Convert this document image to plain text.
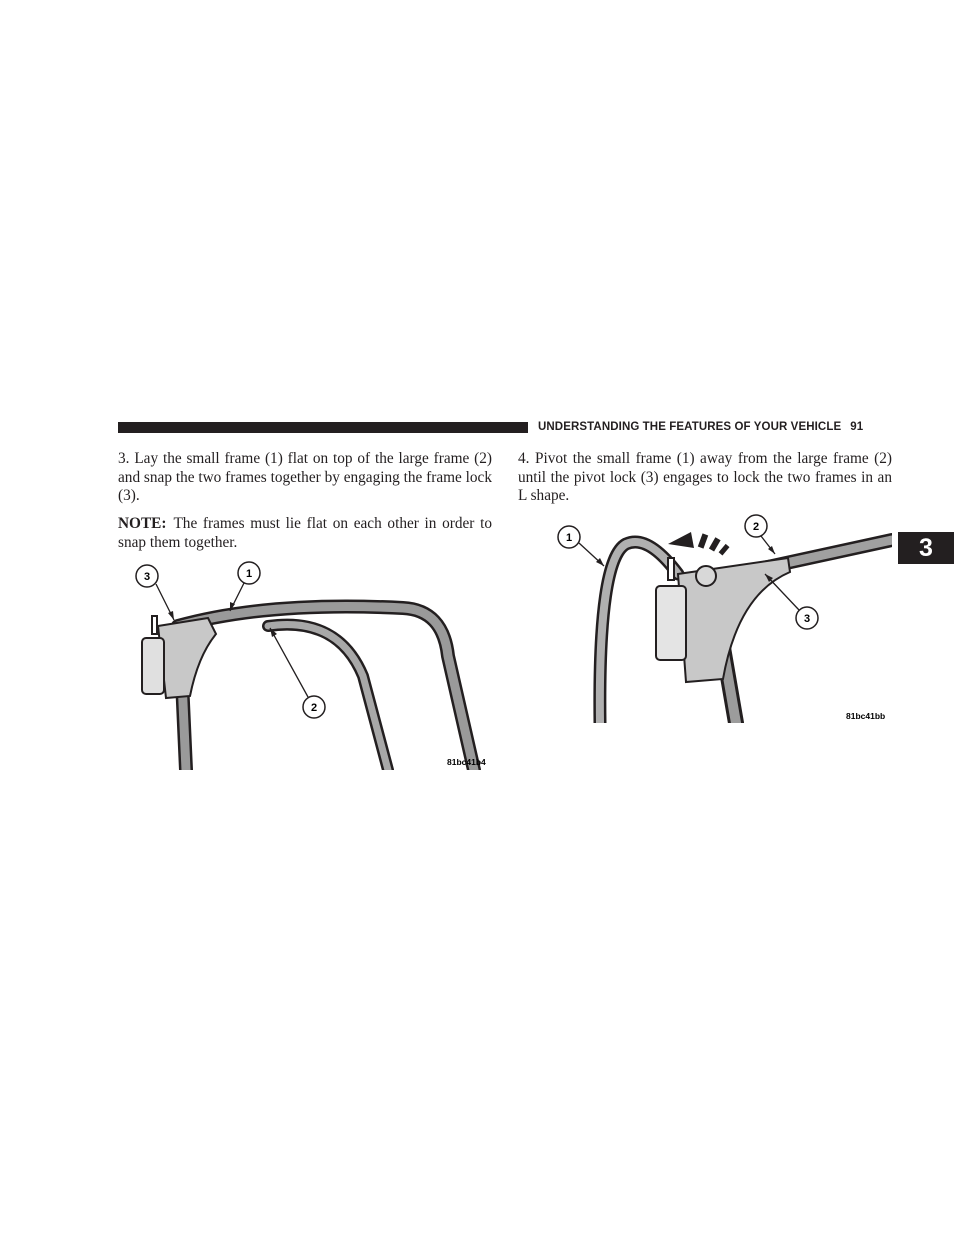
UNDERSTANDING THE FEATURES OF YOUR VEHICLE 91
3

3. Lay the small frame (1) flat on top of the large frame (2) and snap the two frames together by engaging the frame lock (3).

NOTE: The frames must lie flat on each other in order to snap them together.

4. Pivot the small frame (1) away from the large frame (2) until the pivot lock (3) engages to lock the two frames in an L shape.

3	1
2
81bc41b4
1
2
3
81bc41bb
